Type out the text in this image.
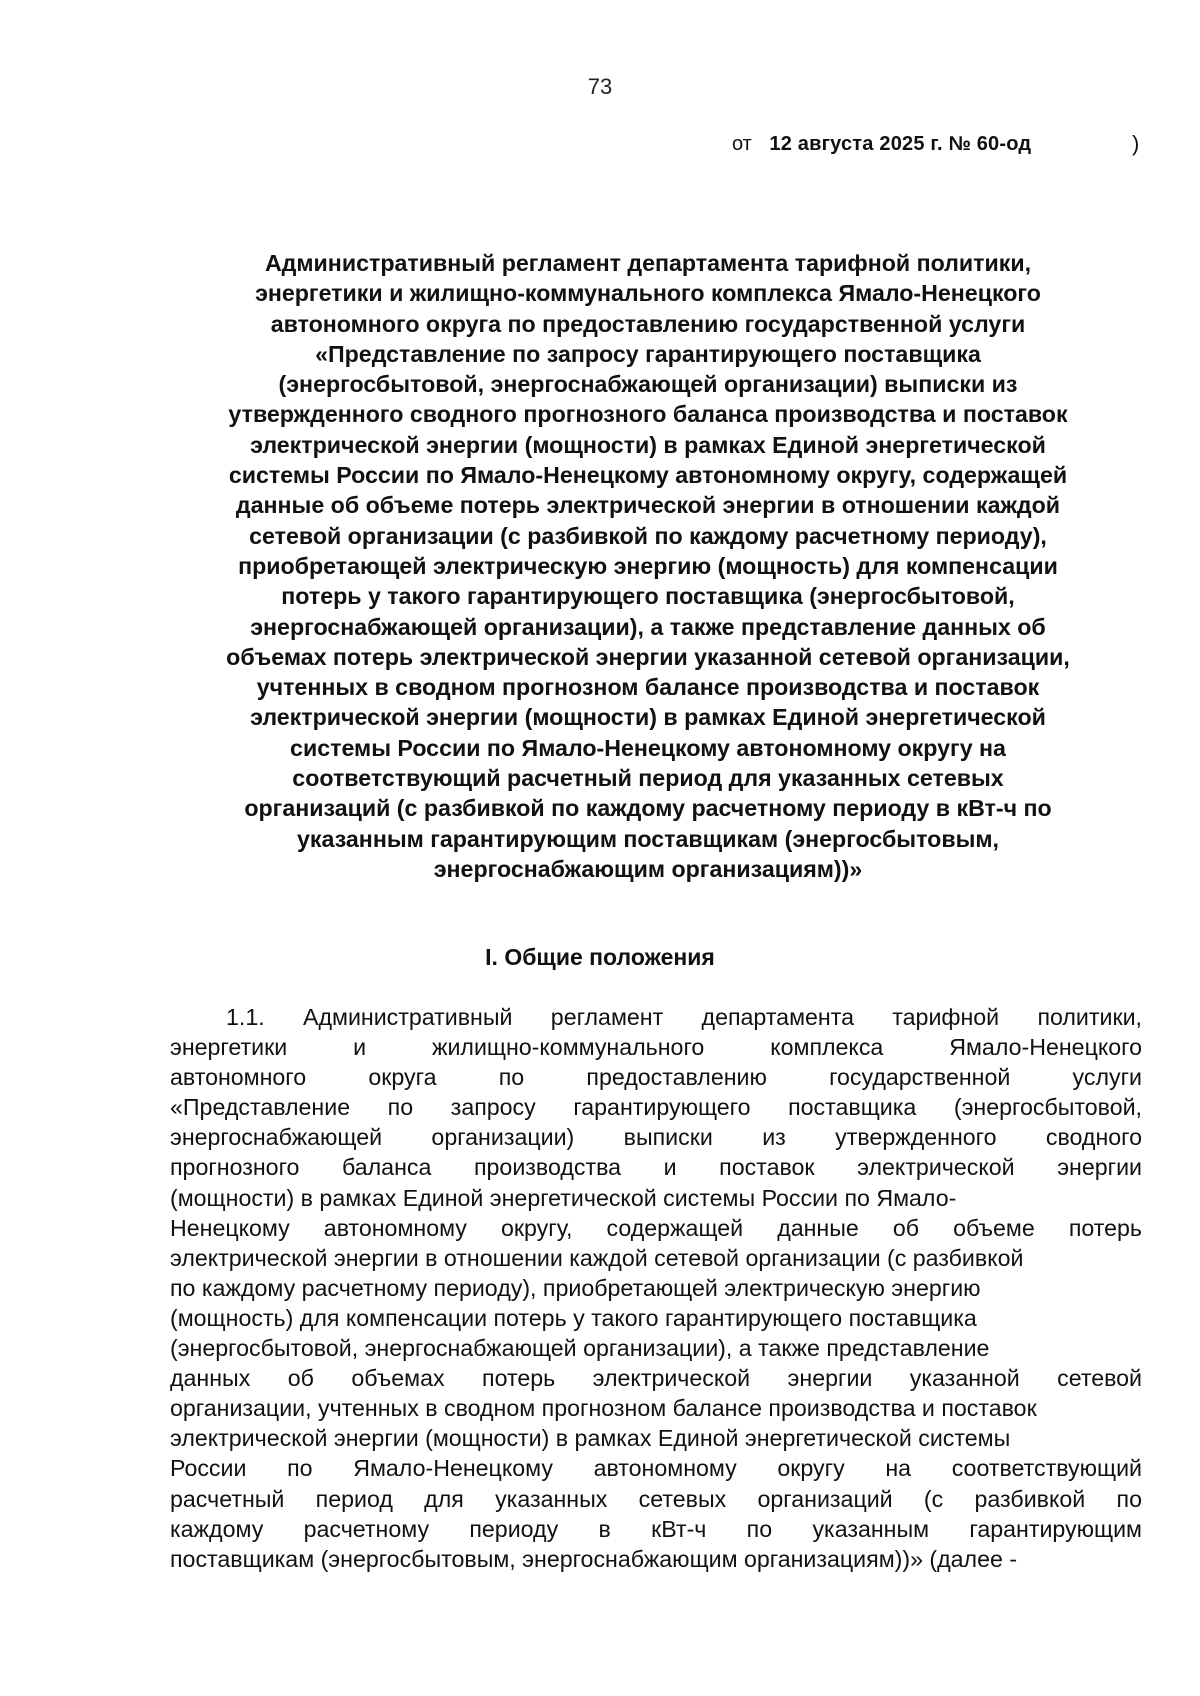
73
от 12 августа 2025 г. № 60-од	)
Административный регламент департамента тарифной политики,
энергетики и жилищно-коммунального комплекса Ямало-Ненецкого
автономного округа по предоставлению государственной услуги
«Представление по запросу гарантирующего поставщика
(энергосбытовой, энергоснабжающей организации) выписки из
утвержденного сводного прогнозного баланса производства и поставок
электрической энергии (мощности) в рамках Единой энергетической
системы России по Ямало-Ненецкому автономному округу, содержащей
данные об объеме потерь электрической энергии в отношении каждой
сетевой организации (с разбивкой по каждому расчетному периоду),
приобретающей электрическую энергию (мощность) для компенсации
потерь у такого гарантирующего поставщика (энергосбытовой,
энергоснабжающей организации), а также представление данных об
объемах потерь электрической энергии указанной сетевой организации,
учтенных в сводном прогнозном балансе производства и поставок
электрической энергии (мощности) в рамках Единой энергетической
системы России по Ямало-Ненецкому автономному округу на
соответствующий расчетный период для указанных сетевых
организаций (с разбивкой по каждому расчетному периоду в кВт-ч по
указанным гарантирующим поставщикам (энергосбытовым,
энергоснабжающим организациям))»
I. Общие положения
1.1. Административный регламент департамента тарифной политики,
энергетики и жилищно-коммунального комплекса Ямало-Ненецкого
автономного округа по предоставлению государственной услуги
«Представление по запросу гарантирующего поставщика (энергосбытовой,
энергоснабжающей организации) выписки из утвержденного сводного
прогнозного баланса производства и поставок электрической энергии
(мощности) в рамках Единой энергетической системы России по Ямало-
Ненецкому автономному округу, содержащей данные об объеме потерь
электрической энергии в отношении каждой сетевой организации (с разбивкой
по каждому расчетному периоду), приобретающей электрическую энергию
(мощность) для компенсации потерь у такого гарантирующего поставщика
(энергосбытовой, энергоснабжающей организации), а также представление
данных об объемах потерь электрической энергии указанной сетевой
организации, учтенных в сводном прогнозном балансе производства и поставок
электрической энергии (мощности) в рамках Единой энергетической системы
России по Ямало-Ненецкому автономному округу на соответствующий
расчетный период для указанных сетевых организаций (с разбивкой по
каждому расчетному периоду в кВт-ч по указанным гарантирующим
поставщикам (энергосбытовым, энергоснабжающим организациям))» (далее -
